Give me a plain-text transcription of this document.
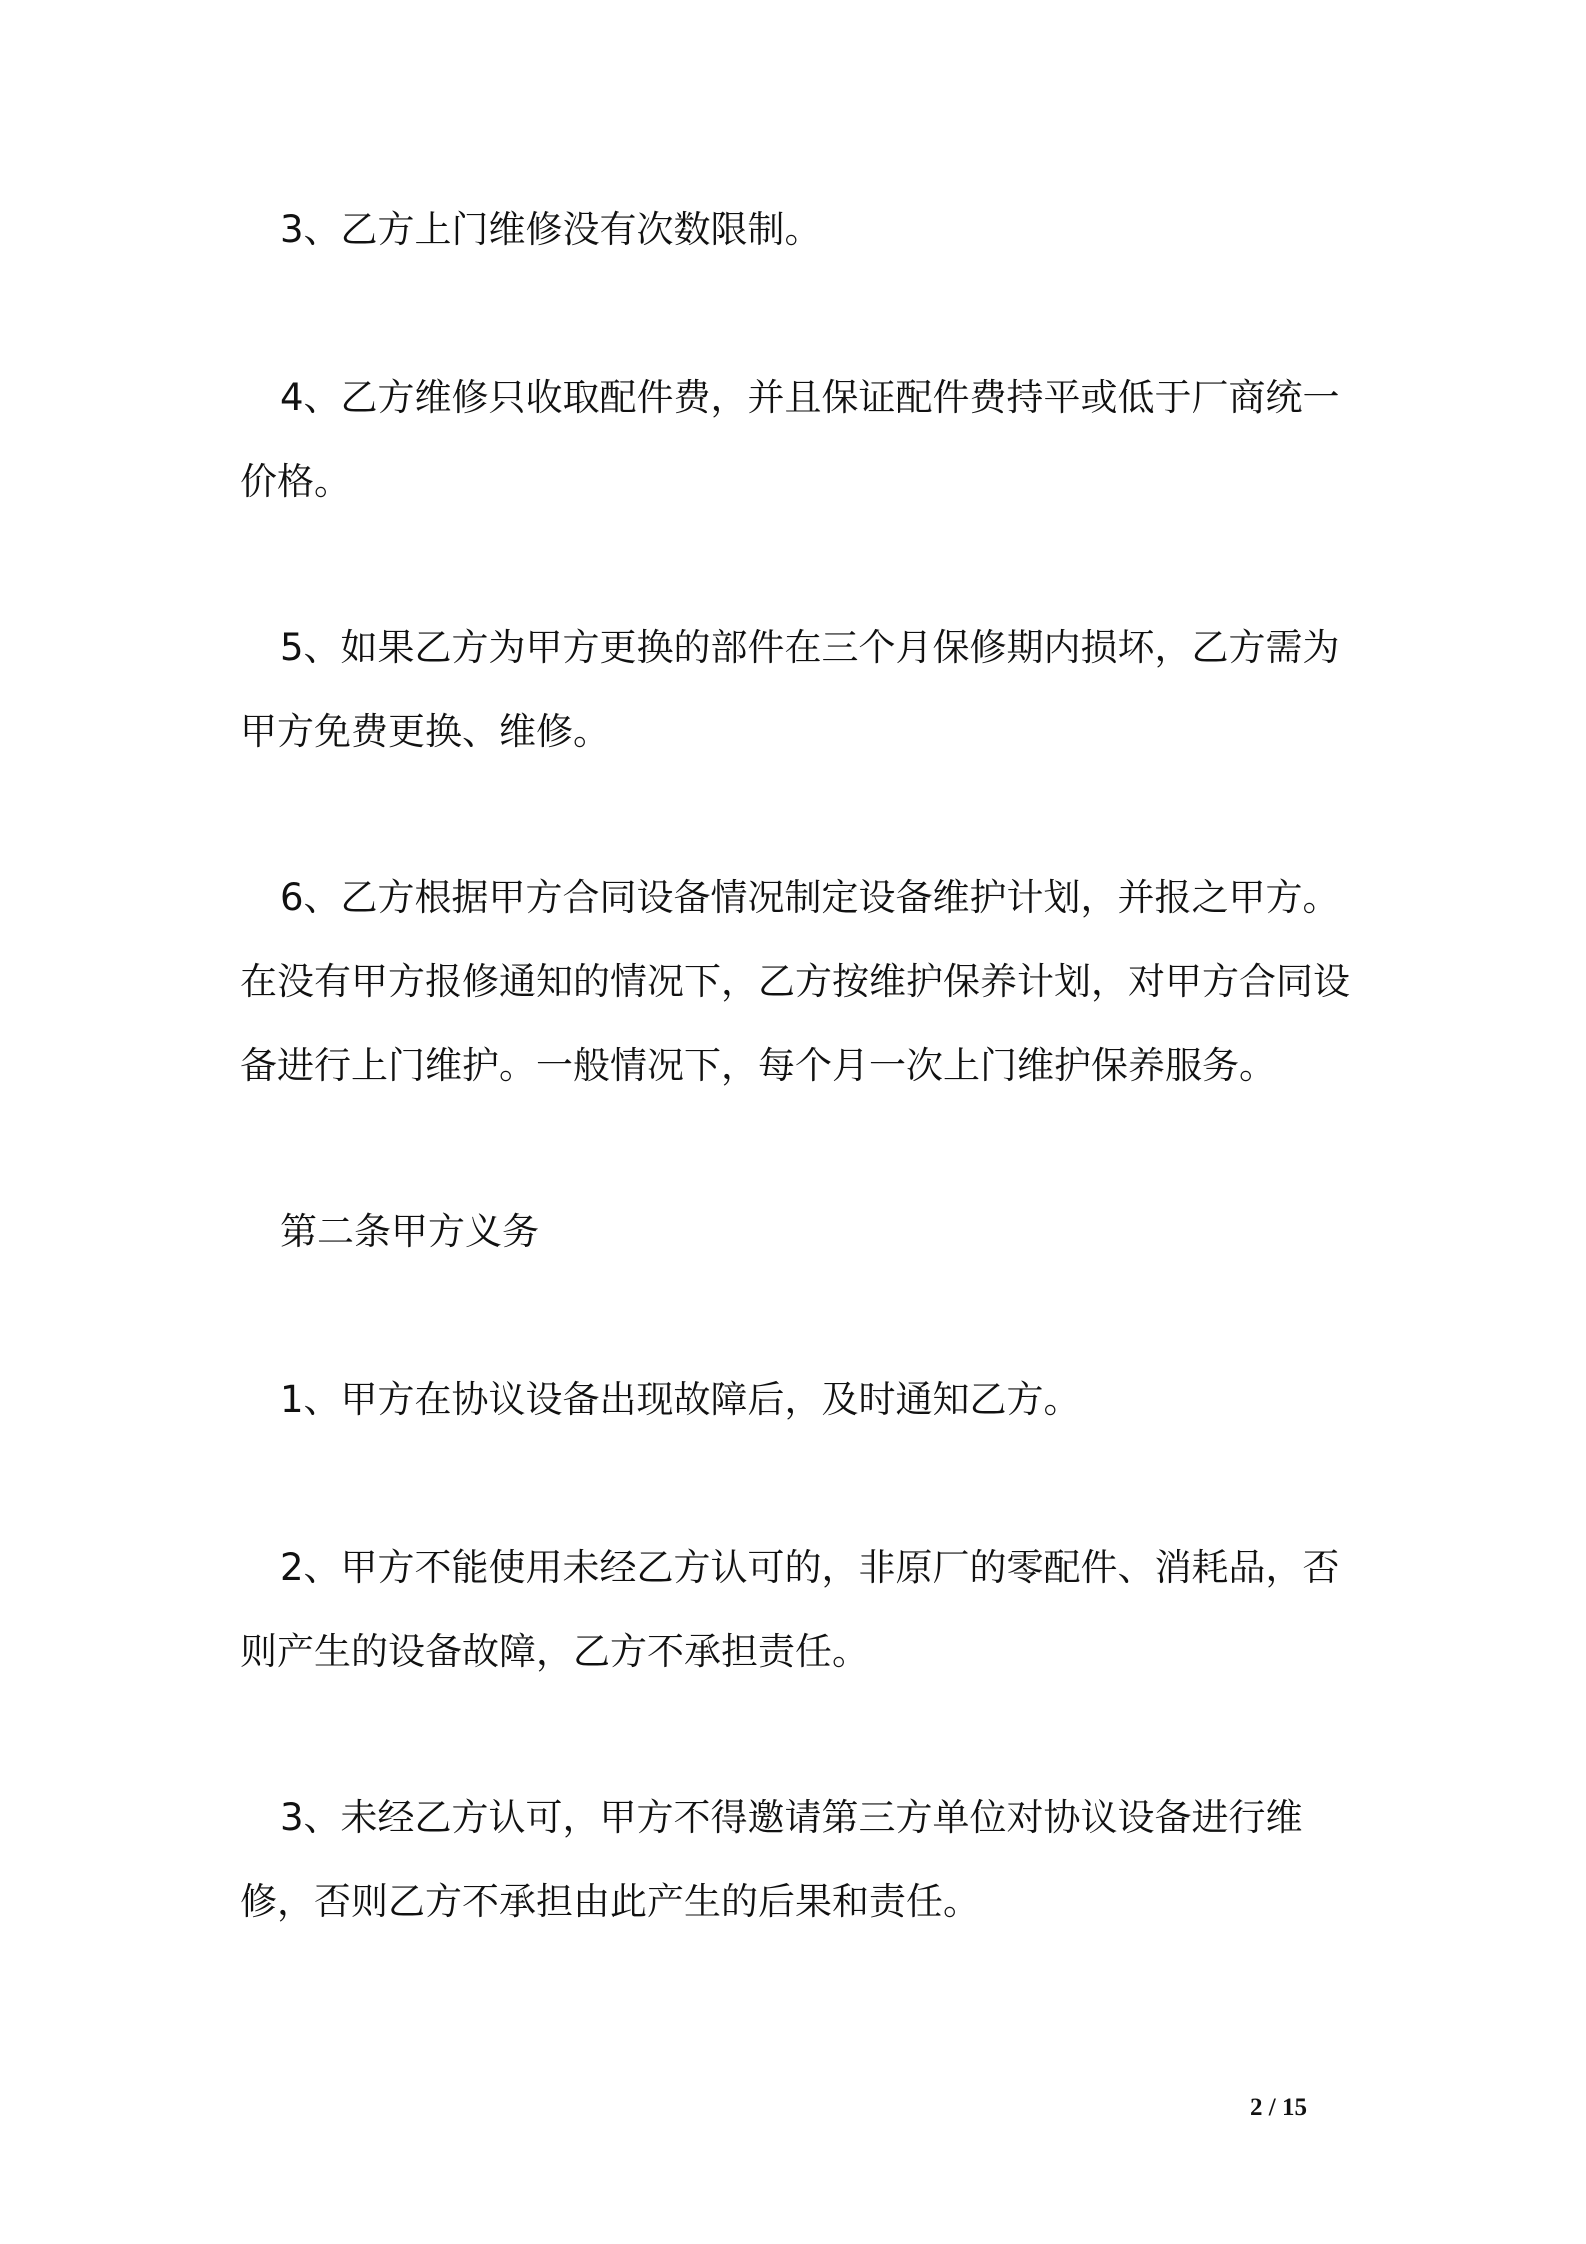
3、乙方上门维修没有次数限制。

4、乙方维修只收取配件费，并且保证配件费持平或低于厂商统一价格。

5、如果乙方为甲方更换的部件在三个月保修期内损坏，乙方需为甲方免费更换、维修。

6、乙方根据甲方合同设备情况制定设备维护计划，并报之甲方。在没有甲方报修通知的情况下，乙方按维护保养计划，对甲方合同设备进行上门维护。一般情况下，每个月一次上门维护保养服务。

第二条甲方义务

1、甲方在协议设备出现故障后，及时通知乙方。

2、甲方不能使用未经乙方认可的，非原厂的零配件、消耗品，否则产生的设备故障，乙方不承担责任。

3、未经乙方认可，甲方不得邀请第三方单位对协议设备进行维修，否则乙方不承担由此产生的后果和责任。

2 / 15
